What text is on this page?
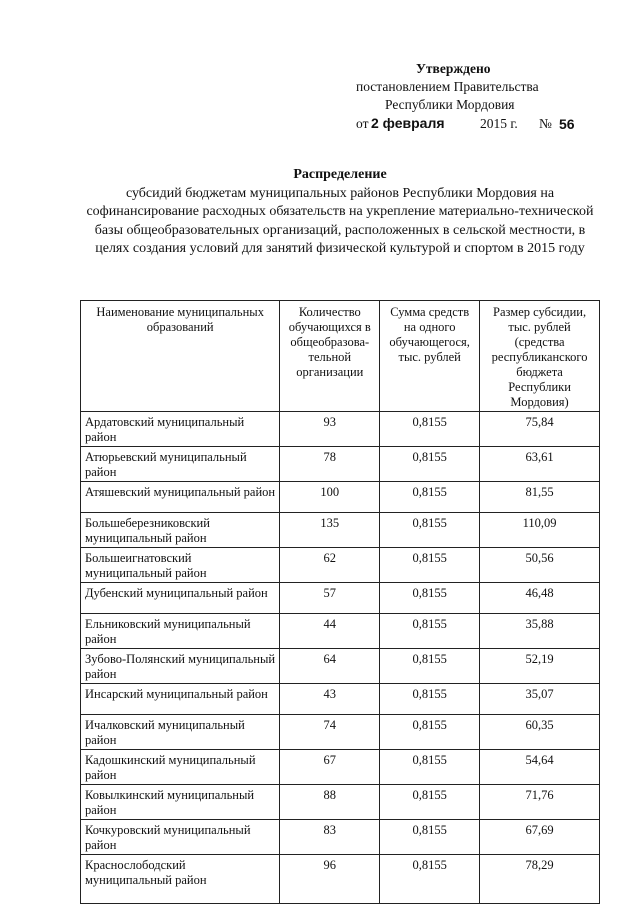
Утверждено
постановлением Правительства
Республики Мордовия
от 2 февраля	2015 г. № 56
Распределение
субсидий бюджетам муниципальных районов Республики Мордовия на софинансирование расходных обязательств на укрепление материально-технической базы общеобразовательных организаций, расположенных в сельской местности, в целях создания условий для занятий физической культурой и спортом в 2015 году
Наименование муниципальных образований	Количество обучающихся в общеобразова-тельной организации	Сумма средств на одного обучающегося, тыс. рублей	Размер субсидии, тыс. рублей (средства республиканского бюджета Республики Мордовия)
Ардатовский муниципальный район	93	0,8155	75,84
Атюрьевский муниципальный район	78	0,8155	63,61
Атяшевский муниципальный район	100	0,8155	81,55
Большеберезниковский муниципальный район	135	0,8155	110,09
Большеигнатовский муниципальный район	62	0,8155	50,56
Дубенский муниципальный район	57	0,8155	46,48
Ельниковский муниципальный район	44	0,8155	35,88
Зубово-Полянский муниципальный район	64	0,8155	52,19
Инсарский муниципальный район	43	0,8155	35,07
Ичалковский муниципальный район	74	0,8155	60,35
Кадошкинский муниципальный район	67	0,8155	54,64
Ковылкинский муниципальный район	88	0,8155	71,76
Кочкуровский муниципальный район	83	0,8155	67,69
Краснослободский муниципальный район	96	0,8155	78,29
